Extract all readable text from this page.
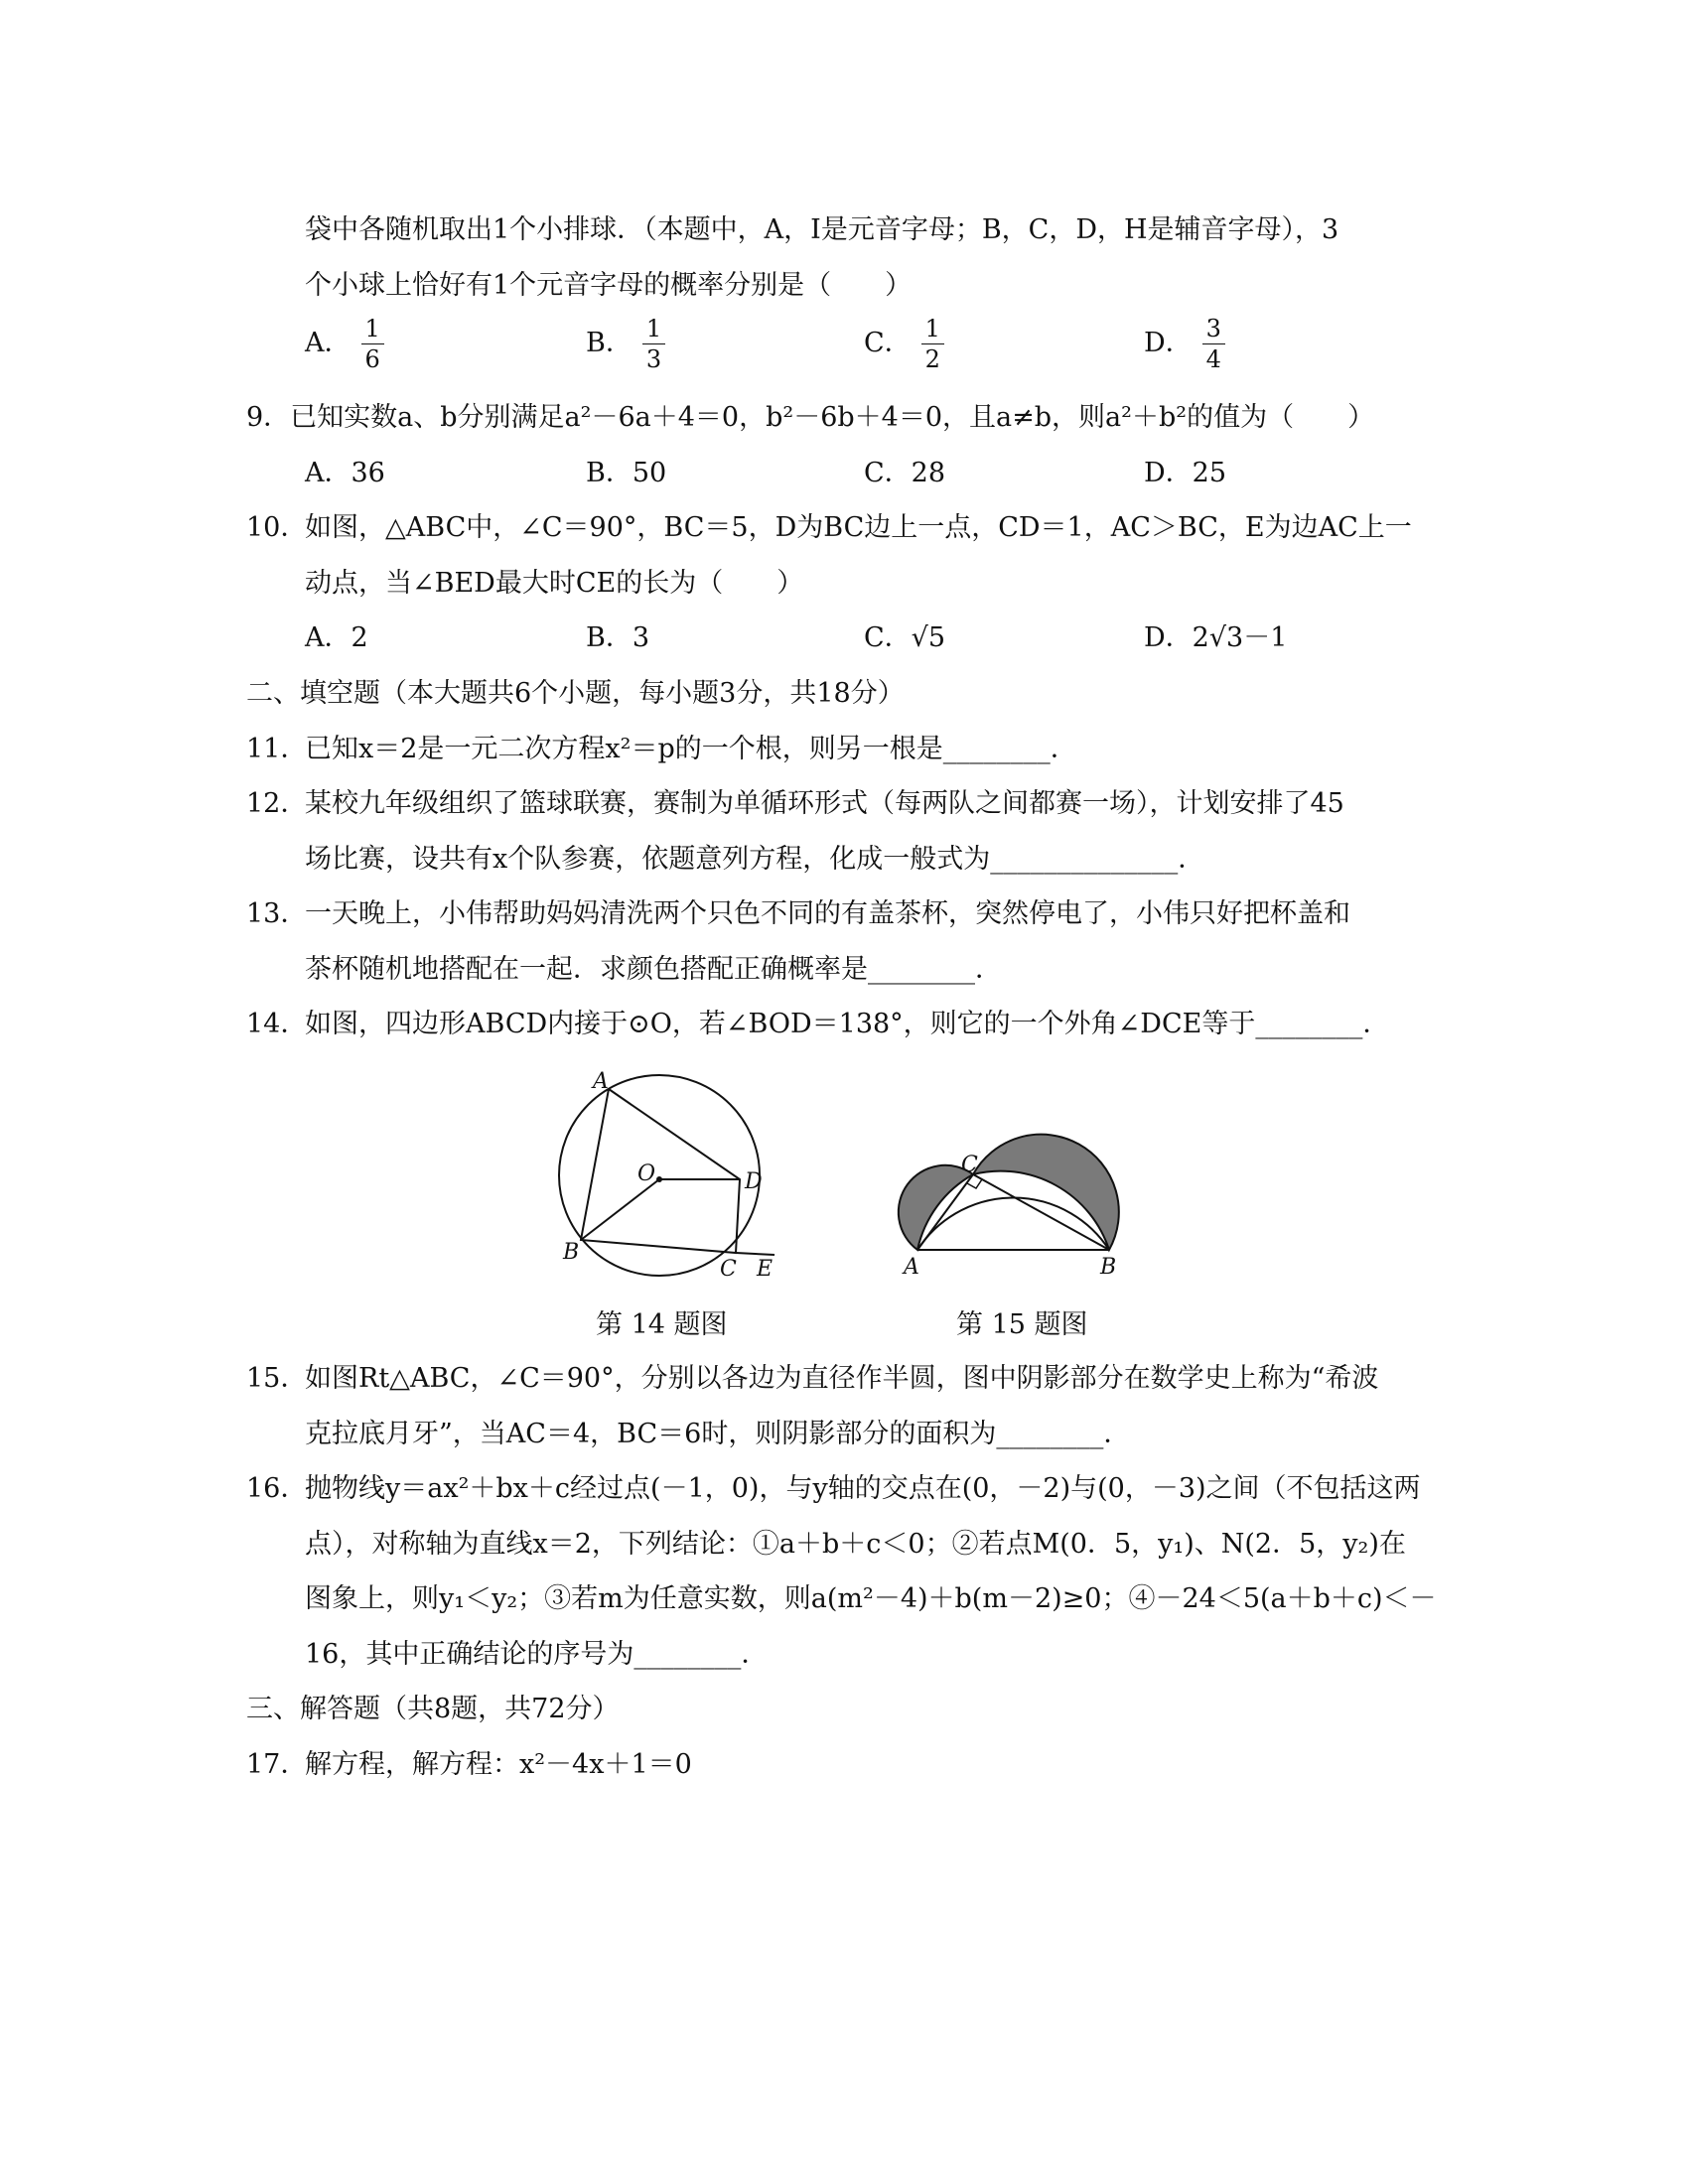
袋中各随机取出1个小排球．（本题中，A，I是元音字母；B，C，D，H是辅音字母），3
个小球上恰好有1个元音字母的概率分别是（　　）
A． $\frac{1}{6}$	B． $\frac{1}{3}$	C． $\frac{1}{2}$	D． $\frac{3}{4}$
9．已知实数a、b分别满足a²－6a＋4＝0，b²－6b＋4＝0，且a≠b，则a²＋b²的值为（　　）
A．36	B．50	C．28	D．25
10．
如图，△ABC中，∠C＝90°，BC＝5，D为BC边上一点，CD＝1，AC＞BC，E为边AC上一
动点，当∠BED最大时CE的长为（　　）
A．2	B．3	C．√5	D．2√3－1
二、填空题（本大题共6个小题，每小题3分，共18分）
11．
已知x＝2是一元二次方程x²＝p的一个根，则另一根是________．
12．
某校九年级组织了篮球联赛，赛制为单循环形式（每两队之间都赛一场），计划安排了45
场比赛，设共有x个队参赛，依题意列方程，化成一般式为______________．
13．
一天晚上，小伟帮助妈妈清洗两个只色不同的有盖茶杯，突然停电了，小伟只好把杯盖和
茶杯随机地搭配在一起．求颜色搭配正确概率是________．
14．
如图，四边形ABCD内接于⊙O，若∠BOD＝138°，则它的一个外角∠DCE等于________．
A
O	D
B
C E
C
A	B
第 14 题图	第 15 题图
15．
如图Rt△ABC，∠C＝90°，分别以各边为直径作半圆，图中阴影部分在数学史上称为“希波
克拉底月牙”，当AC＝4，BC＝6时，则阴影部分的面积为________．
16．
抛物线y＝ax²＋bx＋c经过点(－1，0)，与y轴的交点在(0，－2)与(0，－3)之间（不包括这两
点），对称轴为直线x＝2，下列结论：①a＋b＋c＜0；②若点M(0．5，y₁)、N(2．5，y₂)在
图象上，则y₁＜y₂；③若m为任意实数，则a(m²－4)＋b(m－2)≥0；④－24＜5(a＋b＋c)＜－
16，其中正确结论的序号为________．
三、解答题（共8题，共72分）
17．
解方程，解方程：x²－4x＋1＝0
